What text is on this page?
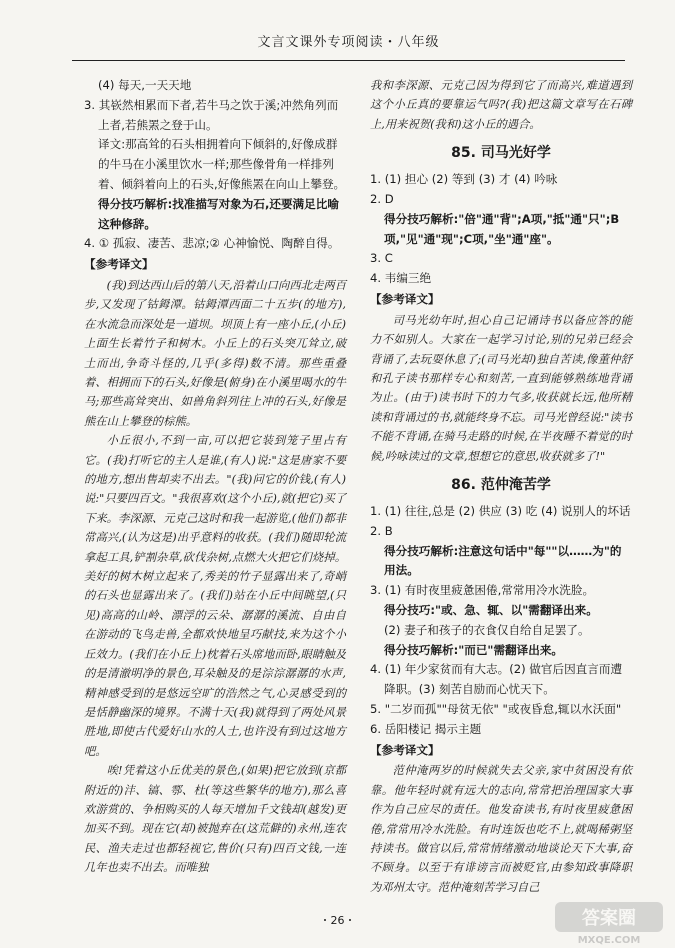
文言文课外专项阅读・八年级

(4) 每天,一天天地

3. 其嵚然相累而下者,若牛马之饮于溪;冲然角列而上者,若熊罴之登于山。

译文:那高耸的石头相拥着向下倾斜的,好像成群的牛马在小溪里饮水一样;那些像骨角一样排列着、倾斜着向上的石头,好像熊罴在向山上攀登。

得分技巧解析:找准描写对象为石,还要满足比喻这种修辞。

4. ① 孤寂、凄苦、悲凉;② 心神愉悦、陶醉自得。

【参考译文】

(我)到达西山后的第八天,沿着山口向西北走两百步,又发现了钴鉧潭。钴鉧潭西面二十五步(的地方),在水流急而深处是一道坝。坝顶上有一座小丘,(小丘)上面生长着竹子和树木。小丘上的石头突兀耸立,破土而出,争奇斗怪的,几乎(多得)数不清。那些重叠着、相拥而下的石头,好像是(俯身)在小溪里喝水的牛马;那些高耸突出、如兽角斜列往上冲的石头,好像是熊在山上攀登的棕熊。

小丘很小,不到一亩,可以把它装到笼子里占有它。(我)打听它的主人是谁,(有人)说:"这是唐家不要的地方,想出售却卖不出去。"(我)问它的价钱,(有人)说:"只要四百文。"我很喜欢(这个小丘),就(把它)买了下来。李深源、元克己这时和我一起游览,(他们)都非常高兴,(认为这是)出乎意料的收获。(我们)随即轮流拿起工具,铲割杂草,砍伐杂树,点燃大火把它们烧掉。美好的树木树立起来了,秀美的竹子显露出来了,奇峭的石头也显露出来了。(我们)站在小丘中间眺望,(只见)高高的山岭、漂浮的云朵、潺潺的溪流、自由自在游动的飞鸟走兽,全都欢快地呈巧献技,来为这个小丘效力。(我们在小丘上)枕着石头席地而卧,眼睛触及的是清澈明净的景色,耳朵触及的是淙淙潺潺的水声,精神感受到的是悠远空旷的浩然之气,心灵感受到的是恬静幽深的境界。不满十天(我)就得到了两处风景胜地,即使古代爱好山水的人士,也许没有到过这地方吧。

唉!凭着这小丘优美的景色,(如果)把它放到(京都附近的)沣、镐、鄠、杜(等这些繁华的地方),那么喜欢游赏的、争相购买的人每天增加千文钱却(越发)更加买不到。现在它(却)被抛弃在(这荒僻的)永州,连农民、渔夫走过也都轻视它,售价(只有)四百文钱,一连几年也卖不出去。而唯独

我和李深源、元克己因为得到它了而高兴,难道遇到这个小丘真的要靠运气吗?(我)把这篇文章写在石碑上,用来祝贺(我和)这小丘的遇合。

85. 司马光好学

1. (1) 担心 (2) 等到 (3) 才 (4) 吟咏

2. D

得分技巧解析:"倍"通"背";A项,"抵"通"只";B项,"见"通"现";C项,"坐"通"座"。

3. C

4. 韦编三绝

【参考译文】

司马光幼年时,担心自己记诵诗书以备应答的能力不如别人。大家在一起学习讨论,别的兄弟已经会背诵了,去玩耍休息了;(司马光却)独自苦读,像董仲舒和孔子读书那样专心和刻苦,一直到能够熟练地背诵为止。(由于)读书时下的力气多,收获就长远,他所精读和背诵过的书,就能终身不忘。司马光曾经说:"读书不能不背诵,在骑马走路的时候,在半夜睡不着觉的时候,吟咏读过的文章,想想它的意思,收获就多了!"

86. 范仲淹苦学

1. (1) 往往,总是 (2) 供应 (3) 吃 (4) 说别人的坏话

2. B

得分技巧解析:注意这句话中"每""以……为"的用法。

3. (1) 有时夜里疲惫困倦,常常用冷水洗脸。

得分技巧:"或、急、辄、以"需翻译出来。

(2) 妻子和孩子的衣食仅自给自足罢了。

得分技巧解析:"而已"需翻译出来。

4. (1) 年少家贫而有大志。(2) 做官后因直言而遭降职。(3) 刻苦自励而心忧天下。

5. "二岁而孤""母贫无依" "或夜昏怠,辄以水沃面"

6. 岳阳楼记 揭示主题

【参考译文】

范仲淹两岁的时候就失去父亲,家中贫困没有依靠。他年轻时就有远大的志向,常常把治理国家大事作为自己应尽的责任。他发奋读书,有时夜里疲惫困倦,常常用冷水洗脸。有时连饭也吃不上,就喝稀粥坚持读书。做官以后,常常情绪激动地谈论天下大事,奋不顾身。以至于有诽谤言而被贬官,由参知政事降职为邓州太守。范仲淹刻苦学习自己

・26・	答案圈
MXQE.COM
